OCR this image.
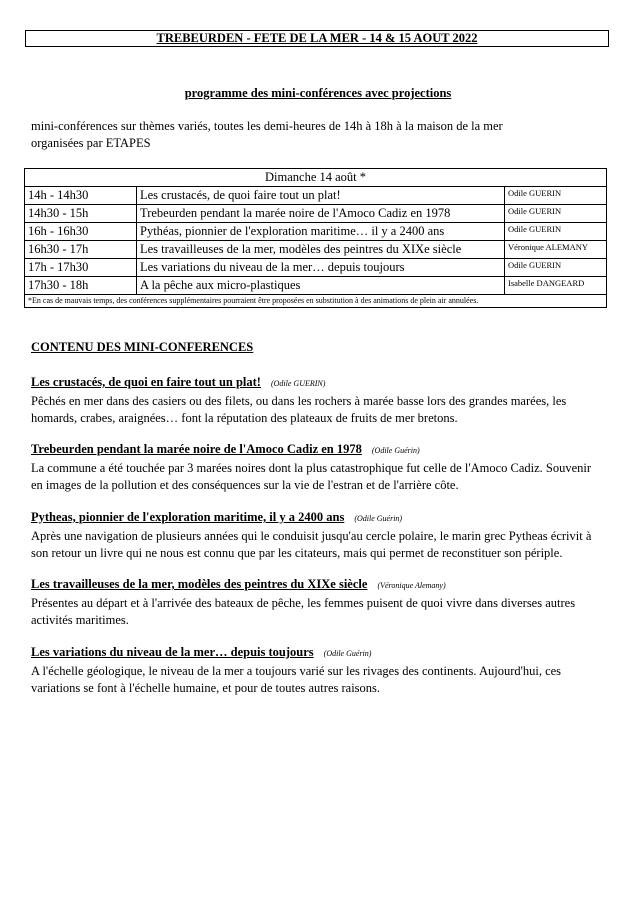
TREBEURDEN - FETE DE LA MER - 14 & 15 AOUT 2022
programme des mini-conférences avec projections
mini-conférences sur thèmes variés, toutes les demi-heures de 14h à 18h à la maison de la mer
organisées par ETAPES
Dimanche 14 août *		
14h - 14h30	Les crustacés, de quoi faire tout un plat!	Odile GUERIN
14h30 - 15h	Trebeurden pendant la marée noire de l'Amoco Cadiz en 1978	Odile GUERIN
16h - 16h30	Pythéas, pionnier de l'exploration maritime… il y a 2400 ans	Odile GUERIN
16h30 - 17h	Les travailleuses de la mer, modèles des peintres du XIXe siècle	Véronique ALEMANY
17h - 17h30	Les variations du niveau de la mer… depuis toujours	Odile GUERIN
17h30 - 18h	A la pêche aux micro-plastiques	Isabelle DANGEARD
*En cas de mauvais temps, des conférences supplémentaires pourraient être proposées en substitution à des animations de plein air annulées.		
CONTENU DES MINI-CONFERENCES
Les crustacés, de quoi en faire tout un plat! (Odile GUERIN)
Pêchés en mer dans des casiers ou des filets, ou dans les rochers à marée basse lors des grandes marées, les
homards, crabes, araignées… font la réputation des plateaux de fruits de mer bretons.
Trebeurden pendant la marée noire de l'Amoco Cadiz en 1978 (Odile Guérin)
La commune a été touchée par 3 marées noires dont la plus catastrophique fut celle de l'Amoco Cadiz. Souvenir
en images de la pollution et des conséquences sur la vie de l'estran et de l'arrière côte.
Pytheas, pionnier de l'exploration maritime, il y a 2400 ans (Odile Guérin)
Après une navigation de plusieurs années qui le conduisit jusqu'au cercle polaire, le marin grec Pytheas écrivit à
son retour un livre qui ne nous est connu que par les citateurs, mais qui permet de reconstituer son périple.
Les travailleuses de la mer, modèles des peintres du XIXe siècle (Véronique Alemany)
Présentes au départ et à l'arrivée des bateaux de pêche, les femmes puisent de quoi vivre dans diverses autres
activités maritimes.
Les variations du niveau de la mer… depuis toujours (Odile Guérin)
A l'échelle géologique, le niveau de la mer a toujours varié sur les rivages des continents. Aujourd'hui, ces
variations se font à l'échelle humaine, et pour de toutes autres raisons.
